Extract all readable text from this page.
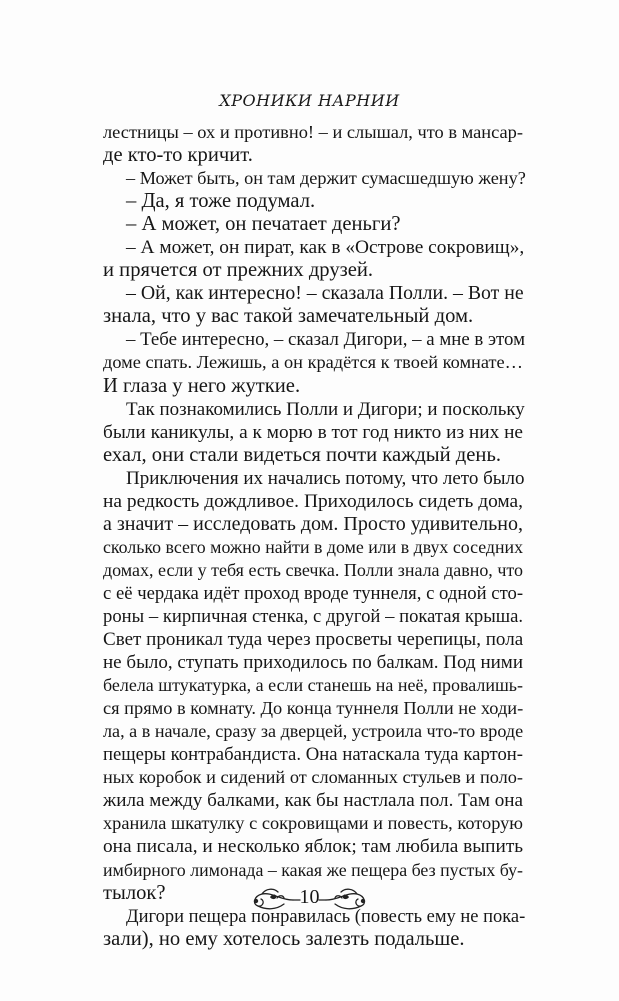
ХРОНИКИ НАРНИИ
лестницы – ох и противно! – и слышал, что в мансар-
де кто-то кричит.
– Может быть, он там держит сумасшедшую жену?
– Да, я тоже подумал.
– А может, он печатает деньги?
– А может, он пират, как в «Острове сокровищ»,
и прячется от прежних друзей.
– Ой, как интересно! – сказала Полли. – Вот не
знала, что у вас такой замечательный дом.
– Тебе интересно, – сказал Дигори, – а мне в этом
доме спать. Лежишь, а он крадётся к твоей комнате…
И глаза у него жуткие.
Так познакомились Полли и Дигори; и поскольку
были каникулы, а к морю в тот год никто из них не
ехал, они стали видеться почти каждый день.
Приключения их начались потому, что лето было
на редкость дождливое. Приходилось сидеть дома,
а значит – исследовать дом. Просто удивительно,
сколько всего можно найти в доме или в двух соседних
домах, если у тебя есть свечка. Полли знала давно, что
с её чердака идёт проход вроде туннеля, с одной сто-
роны – кирпичная стенка, с другой – покатая крыша.
Свет проникал туда через просветы черепицы, пола
не было, ступать приходилось по балкам. Под ними
белела штукатурка, а если станешь на неё, провалишь-
ся прямо в комнату. До конца туннеля Полли не ходи-
ла, а в начале, сразу за дверцей, устроила что-то вроде
пещеры контрабандиста. Она натаскала туда картон-
ных коробок и сидений от сломанных стульев и поло-
жила между балками, как бы настлала пол. Там она
хранила шкатулку с сокровищами и повесть, которую
она писала, и несколько яблок; там любила выпить
имбирного лимонада – какая же пещера без пустых бу-
тылок?
Дигори пещера понравилась (повесть ему не пока-
зали), но ему хотелось залезть подальше.
10
